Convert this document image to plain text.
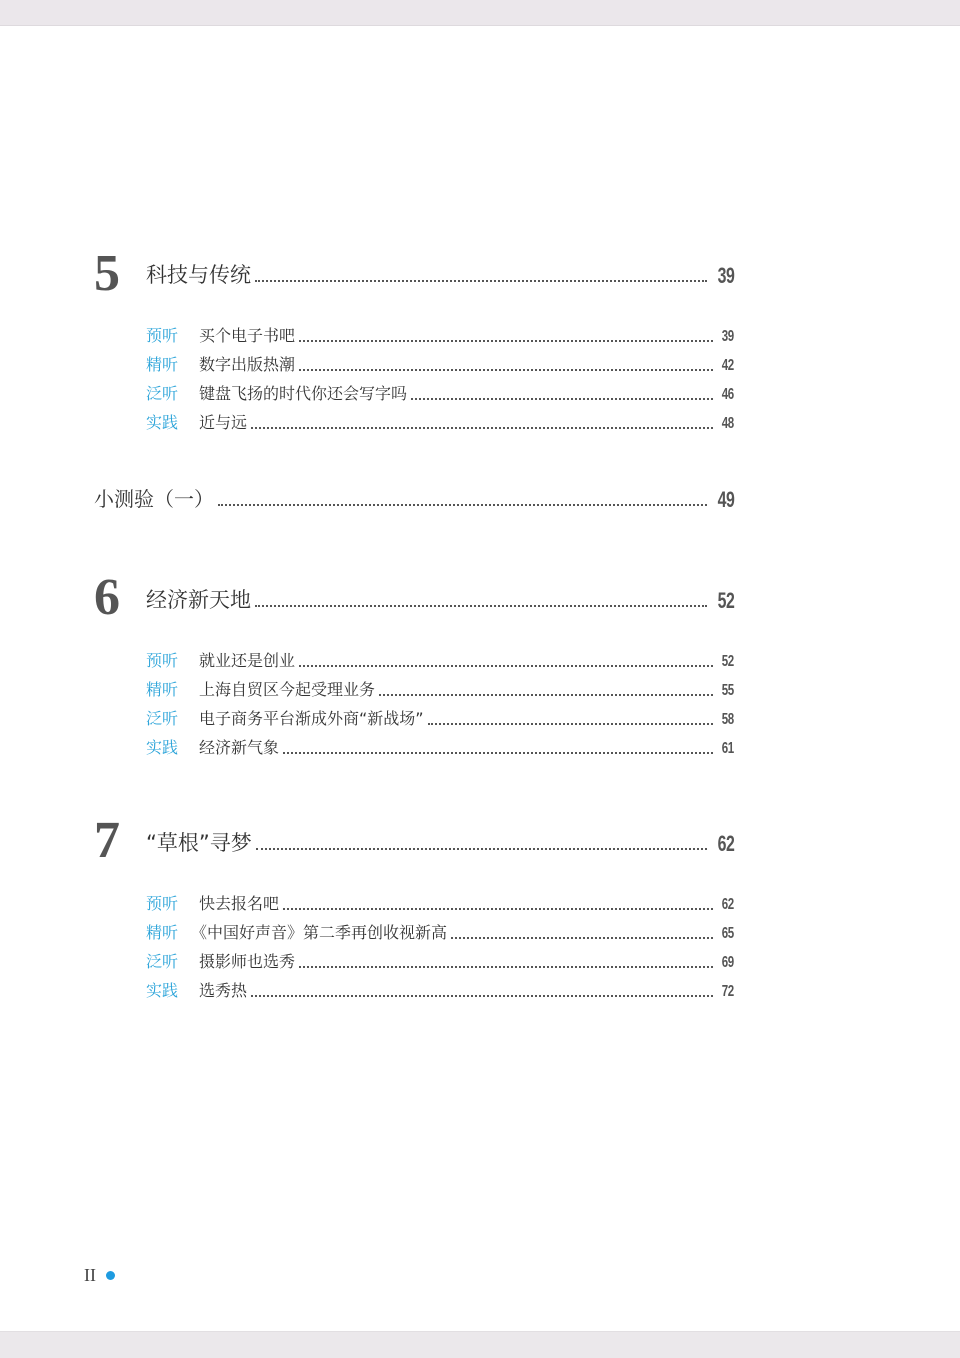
5 科技与传统	39
预听	买个电子书吧	39
精听	数字出版热潮	42
泛听	键盘飞扬的时代你还会写字吗	46
实践	近与远	48
小测验（一）	49
6 经济新天地	52
预听	就业还是创业	52
精听	上海自贸区今起受理业务	55
泛听	电子商务平台渐成外商“新战场”	58
实践	经济新气象	61
7 “草根”寻梦	62
预听	快去报名吧	62
精听 《中国好声音》第二季再创收视新高	65
泛听	摄影师也选秀	69
实践	选秀热	72
II
